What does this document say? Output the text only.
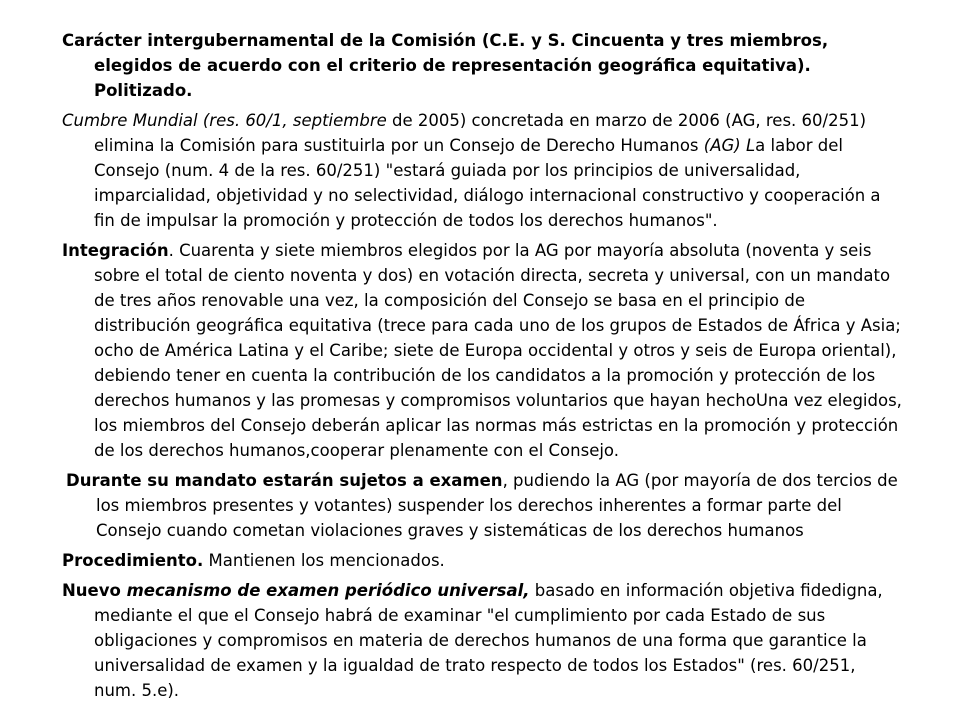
Carácter intergubernamental de la Comisión (C.E. y S. Cincuenta y tres miembros, elegidos de acuerdo con el criterio de representación geográfica equitativa). Politizado.

Cumbre Mundial (res. 60/1, septiembre de 2005) concretada en marzo de 2006 (AG, res. 60/251) elimina la Comisión para sustituirla por un Consejo de Derecho Humanos (AG) La labor del Consejo (num. 4 de la res. 60/251) "estará guiada por los principios de universalidad, imparcialidad, objetividad y no selectividad, diálogo internacional constructivo y cooperación a fin de impulsar la promoción y protección de todos los derechos humanos".

Integración. Cuarenta y siete miembros elegidos por la AG por mayoría absoluta (noventa y seis sobre el total de ciento noventa y dos) en votación directa, secreta y universal, con un mandato de tres años renovable una vez, la composición del Consejo se basa en el principio de distribución geográfica equitativa (trece para cada uno de los grupos de Estados de África y Asia; ocho de América Latina y el Caribe; siete de Europa occidental y otros y seis de Europa oriental), debiendo tener en cuenta la contribución de los candidatos a la promoción y protección de los derechos humanos y las promesas y compromisos voluntarios que hayan hechoUna vez elegidos, los miembros del Consejo deberán aplicar las normas más estrictas en la promoción y protección de los derechos humanos,cooperar plenamente con el Consejo.

Durante su mandato estarán sujetos a examen, pudiendo la AG (por mayoría de dos tercios de los miembros presentes y votantes) suspender los derechos inherentes a formar parte del Consejo cuando cometan violaciones graves y sistemáticas de los derechos humanos

Procedimiento. Mantienen los mencionados.

Nuevo mecanismo de examen periódico universal, basado en información objetiva fidedigna, mediante el que el Consejo habrá de examinar "el cumplimiento por cada Estado de sus obligaciones y compromisos en materia de derechos humanos de una forma que garantice la universalidad de examen y la igualdad de trato respecto de todos los Estados" (res. 60/251, num. 5.e).
